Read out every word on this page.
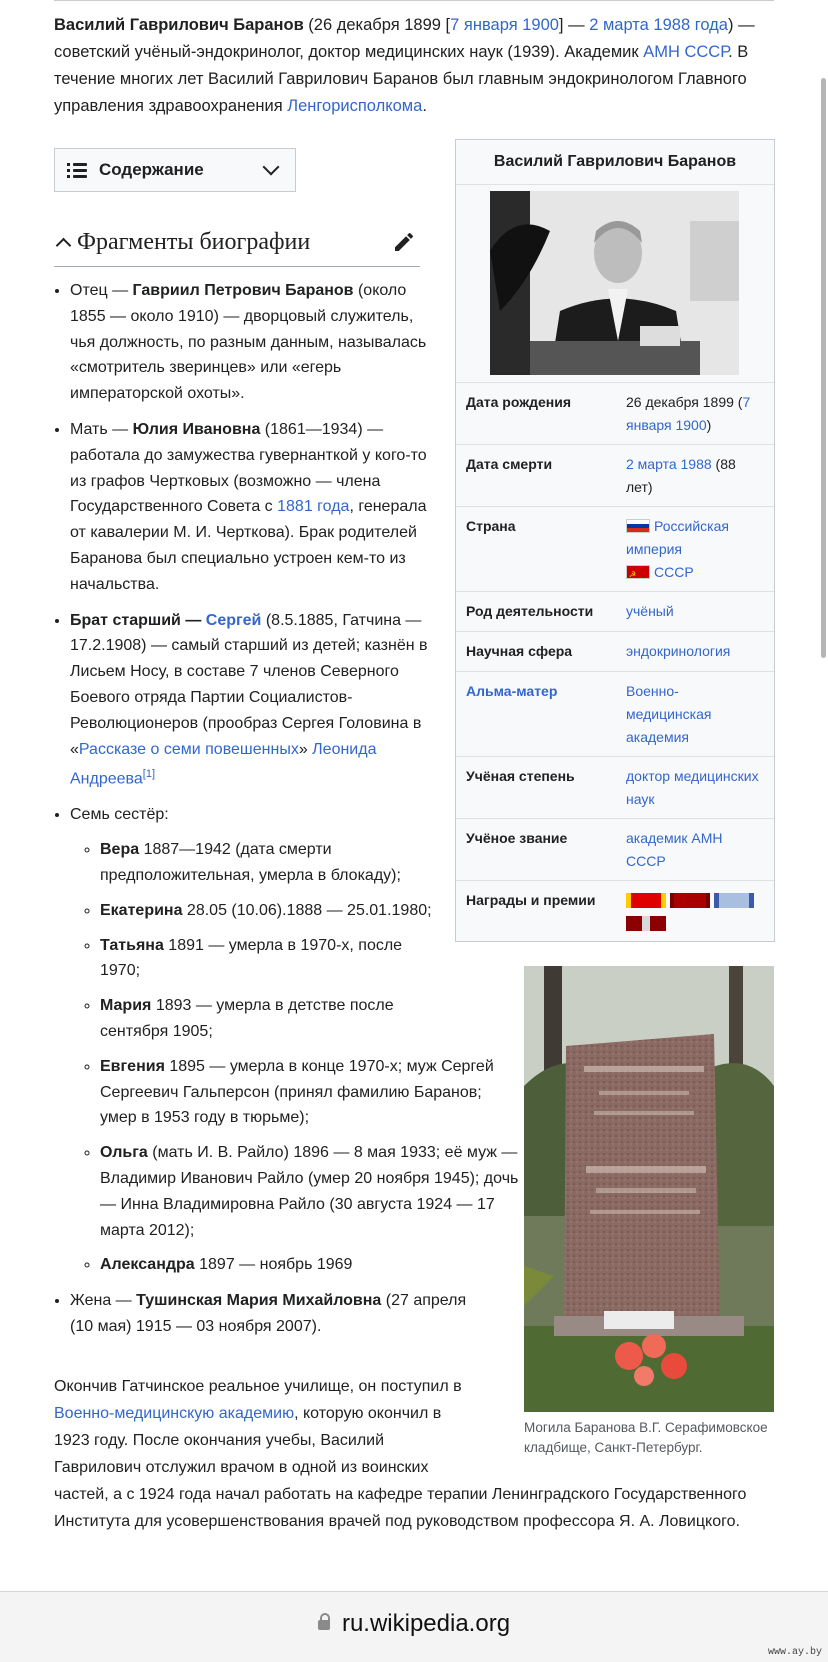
Василий Гаврилович Баранов (26 декабря 1899 [7 января 1900] — 2 марта 1988 года) — советский учёный-эндокринолог, доктор медицинских наук (1939). Академик АМН СССР. В течение многих лет Василий Гаврилович Баранов был главным эндокринологом Главного управления здравоохранения Ленгорисполкома.

Содержание
Фрагменты биографии
• Отец — Гавриил Петрович Баранов (около 1855 — около 1910) — дворцовый служитель, чья должность, по разным данным, называлась «смотритель зверинцев» или «егерь императорской охоты».
• Мать — Юлия Ивановна (1861—1934) — работала до замужества гувернанткой у кого-то из графов Чертковых (возможно — члена Государственного Совета с 1881 года, генерала от кавалерии М. И. Черткова). Брак родителей Баранова был специально устроен кем-то из начальства.
• Брат старший — Сергей (8.5.1885, Гатчина — 17.2.1908) — самый старший из детей; казнён в Лисьем Носу, в составе 7 членов Северного Боевого отряда Партии Социалистов-Революционеров (прообраз Сергея Головина в «Рассказе о семи повешенных» Леонида Андреева[1]
• Семь сестёр:
◦ Вера 1887—1942 (дата смерти предположительная, умерла в блокаду);
◦ Екатерина 28.05 (10.06).1888 — 25.01.1980;
◦ Татьяна 1891 — умерла в 1970-х, после 1970;
◦ Мария 1893 — умерла в детстве после сентября 1905;
◦ Евгения 1895 — умерла в конце 1970-х; муж Сергей Сергеевич Гальперсон (принял фамилию Баранов; умер в 1953 году в тюрьме);
◦ Ольга (мать И. В. Райло) 1896 — 8 мая 1933; её муж — Владимир Иванович Райло (умер 20 ноября 1945); дочь — Инна Владимировна Райло (30 августа 1924 — 17 марта 2012);
◦ Александра 1897 — ноябрь 1969
• Жена — Тушинская Мария Михайловна (27 апреля (10 мая) 1915 — 03 ноября 2007).

Окончив Гатчинское реальное училище, он поступил в Военно-медицинскую академию, которую окончил в 1923 году. После окончания учебы, Василий Гаврилович отслужил врачом в одной из воинских

частей, а с 1924 года начал работать на кафедре терапии Ленинградского Государственного Института для усовершенствования врачей под руководством профессора Я. А. Ловицкого.

Василий Гаврилович Баранов
Дата рождения	26 декабря 1899 (7 января 1900)
Дата смерти	2 марта 1988 (88 лет)
Страна	Российская империя
☭СССР
Род деятельности	учёный
Научная сфера	эндокринология
Альма-матер	Военно-медицинская академия
Учёная степень	доктор медицинских наук
Учёное звание	академик АМН СССР
Награды и премии

Могила Баранова В.Г. Серафимовское кладбище, Санкт-Петербург.

ru.wikipedia.org
www.ay.by
